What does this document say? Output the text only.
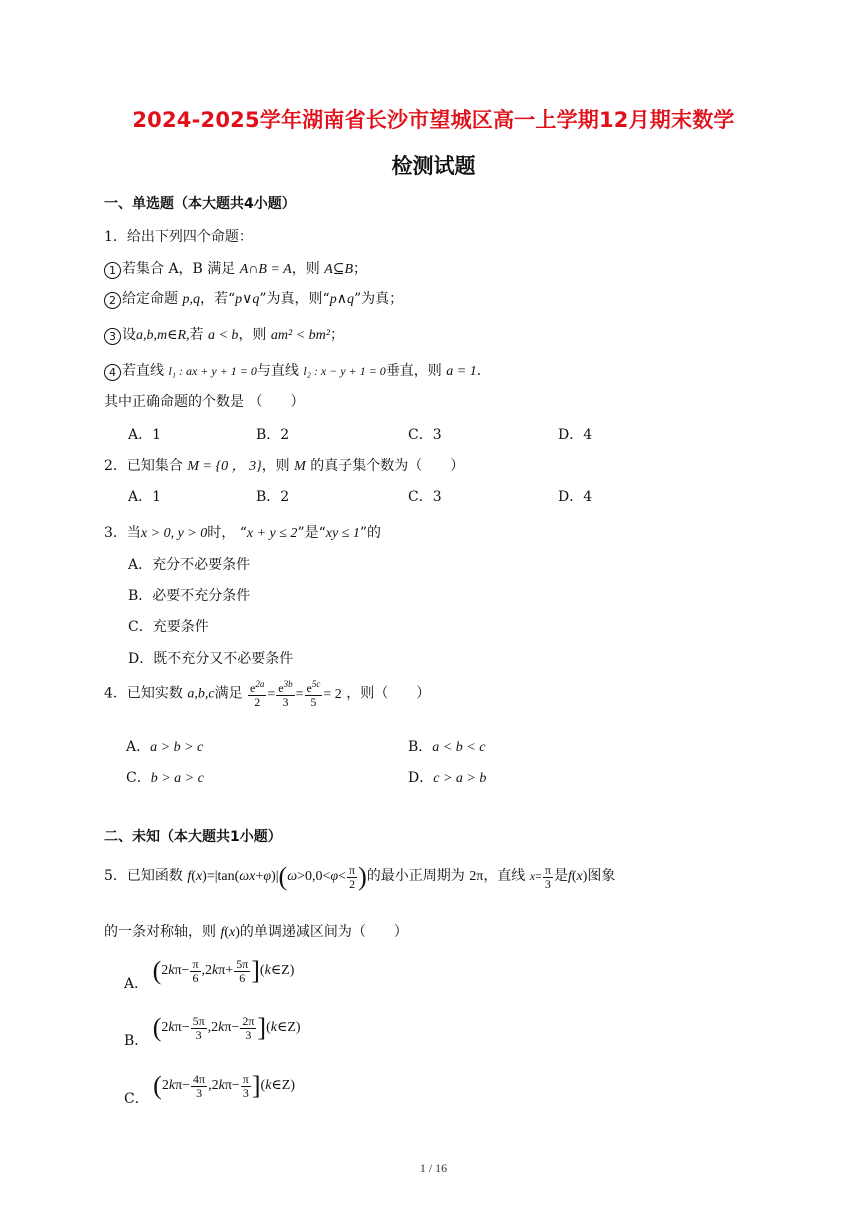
2024-2025学年湖南省长沙市望城区高一上学期12月期末数学
检测试题
一、单选题（本大题共4小题）
1．给出下列四个命题：
1 若集合 A，B 满足 A∩B = A，则 A⊆B；
2 给定命题 p,q，若“p∨q”为真，则“p∧q”为真；
3 设a,b,m∈R,若 a < b，则 am² < bm²；
4 若直线 l₁ : ax + y + 1 = 0与直线 l₂ : x − y + 1 = 0垂直，则 a = 1.
其中正确命题的个数是 （　　）
A．1	B．2	C．3	D．4
2．已知集合 M = {0 ， 3}，则 M 的真子集个数为（　　）
A．1	B．2	C．3	D．4
3．当x > 0, y > 0时， “x + y ≤ 2”是“xy ≤ 1”的
A．充分不必要条件
B．必要不充分条件
C．充要条件
D．既不充分又不必要条件
4．已知实数 a,b,c满足 $\frac{e^{2a}}{2} = \frac{e^{3b}}{3} = \frac{e^{5c}}{5} = 2$ ，则（　　）
A．a > b > c	B．a < b < c
C．b > a > c	D．c > a > b
二、未知（本大题共1小题）
5．已知函数 $f(x)=|\tan(\omega x+\varphi)|(\omega>0,0<\varphi< \frac{\pi}{2}$ )的最小正周期为 2π，直线 $x= \frac{\pi}{3}$ 是f(x)图象
的一条对称轴，则 f(x)的单调递减区间为（　　）
A． ($2k\pi- \frac{\pi}{6} ,2k\pi+ \frac{5\pi}{6}$ ](k∈Z)
B． ($2k\pi- \frac{5\pi}{3} ,2k\pi- \frac{2\pi}{3}$ ](k∈Z)
C． ($2k\pi- \frac{4\pi}{3} ,2k\pi- \frac{\pi}{3}$ ](k∈Z)
1 / 16
